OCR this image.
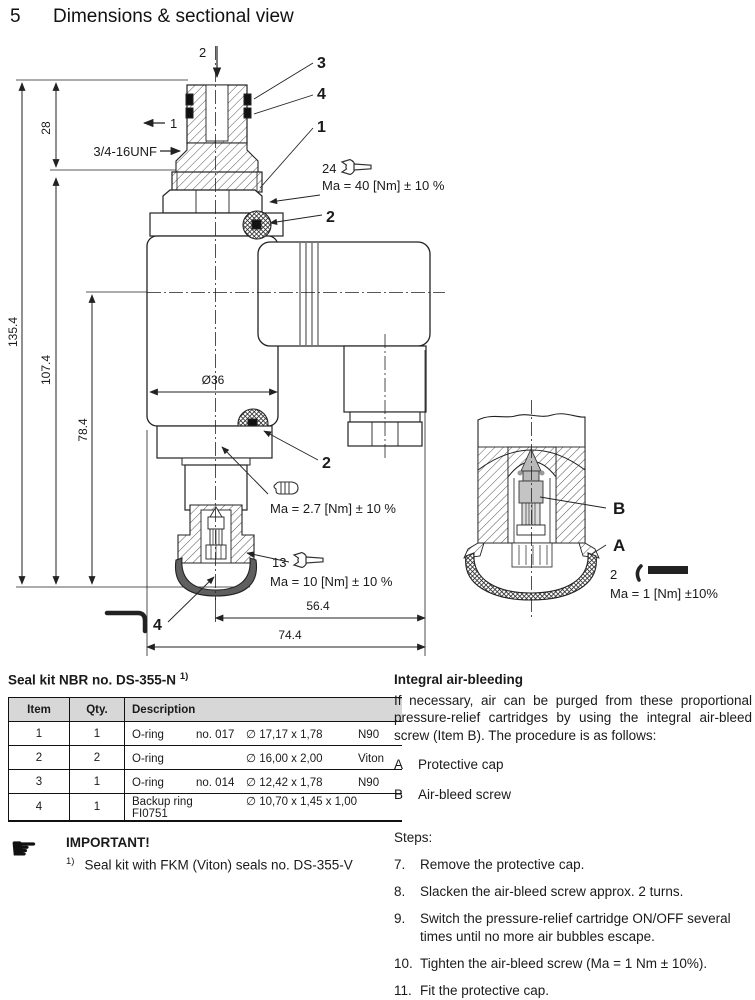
5	Dimensions & sectional view
2
1
3/4-16UNF
3
4
1
24
Ma = 40 [Nm] ± 10 %
2
Ø36
2
Ma = 2.7 [Nm] ± 10 %
13
Ma = 10 [Nm] ± 10 %
4
56.4
74.4
135.4
28
107.4
78.4
B
A
2
Ma = 1 [Nm] ±10%
Seal kit NBR no. DS-355-N $^{1)}$
Item	Qty.	Description
1	1	O-ring no. 017 ∅ 17,17 x 1,78 N90
2	2	O-ring ∅ 16,00 x 2,00 Viton
3	1	O-ring no. 014 ∅ 12,42 x 1,78 N90
4	1	Backup ring ∅ 10,70 x 1,45 x 1,00FI0751
☛ IMPORTANT!
$^{1)}$ Seal kit with FKM (Viton) seals no. DS-355-V

Integral air-bleeding

If necessary, air can be purged from these proportional pressure-relief cartridges by using the integral air-bleed screw (Item B). The procedure is as follows:

A	Protective cap
B	Air-bleed screw
Steps:
7.	Remove the protective cap.
8.	Slacken the air-bleed screw approx. 2 turns.
9.	Switch the pressure-relief cartridge ON/OFF several times until no more air bubbles escape.
10. Tighten the air-bleed screw (Ma = 1 Nm ± 10%).
11. Fit the protective cap.
